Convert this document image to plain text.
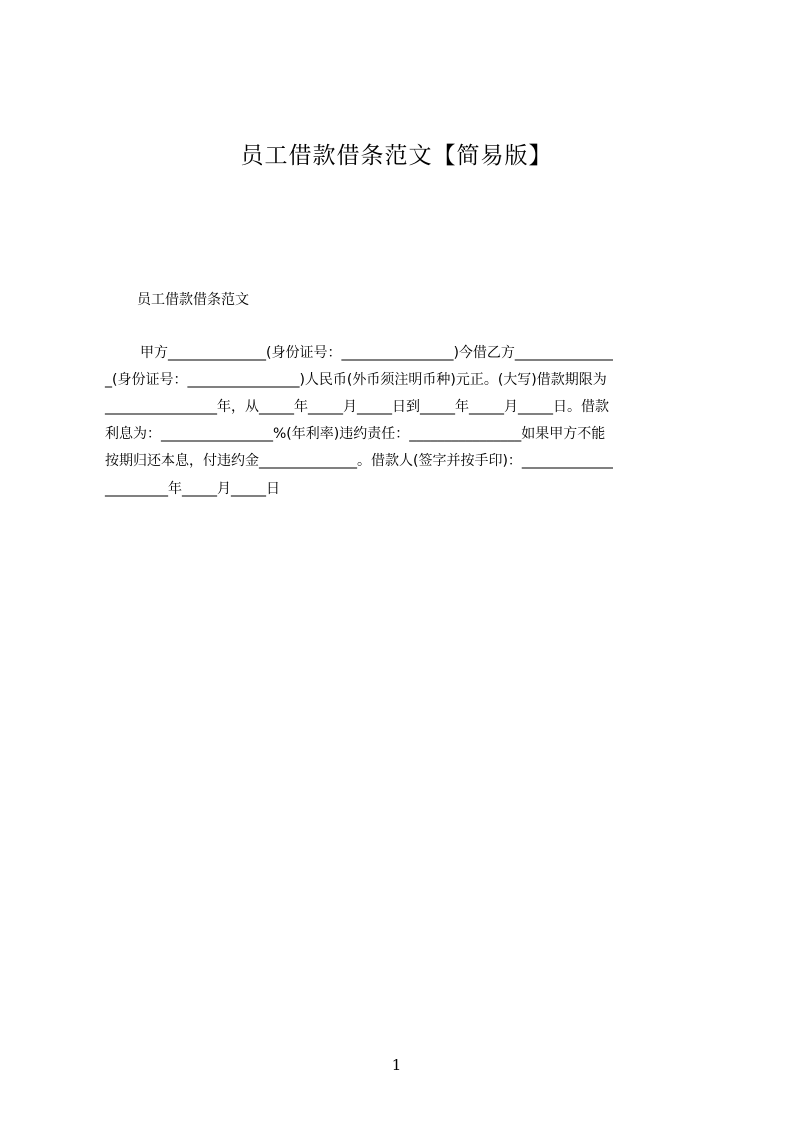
员工借款借条范文【简易版】
员工借款借条范文
甲方______________(身份证号：________________)今借乙方______________
_(身份证号：________________)人民币(外币须注明币种)元正。(大写)借款期限为
________________年，从_____年_____月_____日到_____年_____月_____日。借款
利息为：________________%(年利率)违约责任：________________如果甲方不能
按期归还本息，付违约金______________。借款人(签字并按手印)：_____________
_________年_____月_____日
1
